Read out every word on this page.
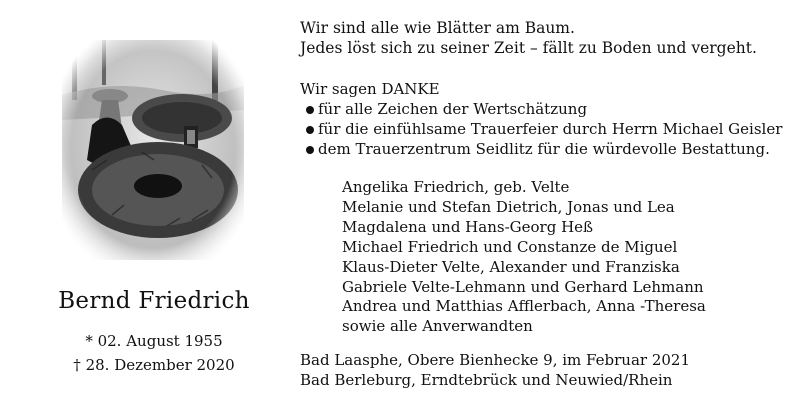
Bernd Friedrich
* 02. August 1955
† 28. Dezember 2020
Wir sind alle wie Blätter am Baum.
Jedes löst sich zu seiner Zeit – fällt zu Boden und vergeht.
Wir sagen DANKE
für alle Zeichen der Wertschätzung
für die einfühlsame Trauerfeier durch Herrn Michael Geisler
dem Trauerzentrum Seidlitz für die würdevolle Bestattung.
Angelika Friedrich, geb. Velte
Melanie und Stefan Dietrich, Jonas und Lea
Magdalena und Hans-Georg Heß
Michael Friedrich und Constanze de Miguel
Klaus-Dieter Velte, Alexander und Franziska
Gabriele Velte-Lehmann und Gerhard Lehmann
Andrea und Matthias Afflerbach, Anna -Theresa
sowie alle Anverwandten
Bad Laasphe, Obere Bienhecke 9, im Februar 2021
Bad Berleburg, Erndtebrück und Neuwied/Rhein
